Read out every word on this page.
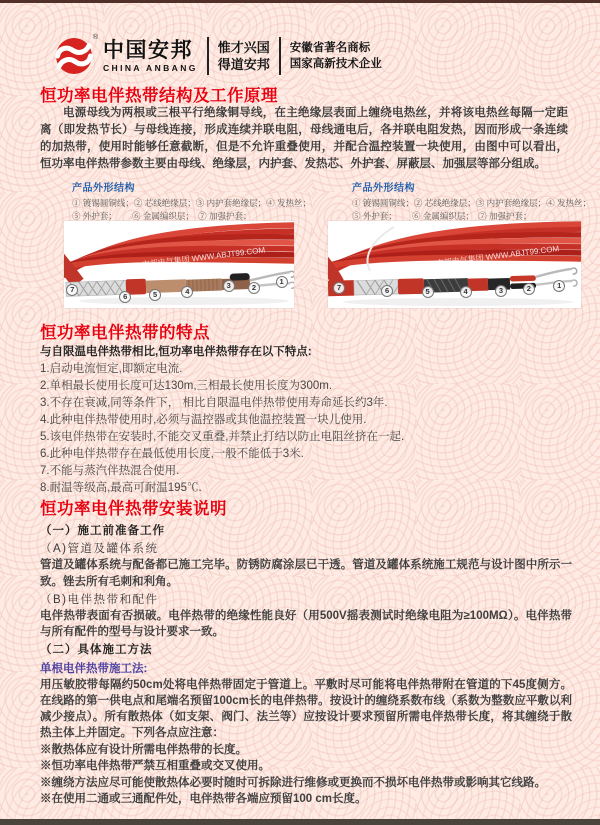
®
中国安邦
CHINA ANBANG
惟才兴国
得道安邦
安徽省著名商标
国家高新技术企业
恒功率电伴热带结构及工作原理

电源母线为两根或三根平行绝缘铜导线，在主绝缘层表面上缠绕电热丝，并将该电热丝每隔一定距离（即发热节长）与母线连接，形成连续并联电阻，母线通电后，各并联电阻发热，因而形成一条连续的加热带，使用时能够任意截断，但是不允许重叠使用，并配合温控装置一块使用，由图中可以看出，恒功率电伴热带参数主要由母线、绝缘层，内护套、发热芯、外护套、屏蔽层、加强层等部分组成。

产品外形结构
① 镀锡圆铜线；② 芯线绝缘层；③ 内护套绝缘层；④ 发热丝；
⑤ 外护套；　　 ⑥ 金属编织层；　⑦ 加强护套；
产品外形结构
① 镀锡圆铜线；② 芯线绝缘层；③ 内护套绝缘层；④ 发热丝；
⑤ 外护套；　　 ⑥ 金属编织层；　⑦ 加强护套；
安邦电气集团 WWW.ABJT99.COM
7
6	5	4
3	2
1
安邦电气集团 WWW.ABJT99.COM
7	6	5	4	3	2	1
恒功率电伴热带的特点
与自限温电伴热带相比,恒功率电伴热带存在以下特点:
1.启动电流恒定,即额定电流.
2.单相最长使用长度可达130m,三相最长使用长度为300m.
3.不存在衰减,同等条件下， 相比自限温电伴热带使用寿命延长约3年.
4.此种电伴热带使用时,必须与温控器或其他温控装置一块儿使用.
5.该电伴热带在安装时,不能交叉重叠,并禁止打结以防止电阻丝挤在一起.
6.此种电伴热带存在最低使用长度,一般不能低于3米.
7.不能与蒸汽伴热混合使用.
8.耐温等级高,最高可耐温195℃.
恒功率电伴热带安装说明
（一）施工前准备工作
（A)管道及罐体系统
管道及罐体系统与配备都已施工完毕。防锈防腐涂层已干透。管道及罐体系统施工规范与设计图中所示一致。锉去所有毛刺和利角。
（B)电伴热带和配件
电伴热带表面有否损破。电伴热带的绝缘性能良好（用500V摇表测试时绝缘电阻为≥100MΩ）。电伴热带与所有配件的型号与设计要求一致。
（二）具体施工方法
单根电伴热带施工法:
用压敏胶带每隔约50cm处将电伴热带固定于管道上。平敷时尽可能将电伴热带附在管道的下45度侧方。在线路的第一供电点和尾端名预留100cm长的电伴热带。按设计的缠绕系数布线（系数为整数应平敷以利减少接点）。所有散热体（如支架、阀门、法兰等）应按设计要求预留所需电伴热带长度，将其缠绕于散热主体上并固定。下列各点应注意：
※散热体应有设计所需电伴热带的长度。
※恒功率电伴热带严禁互相重叠或交叉使用。
※缠绕方法应尽可能使散热体必要时随时可拆除进行维修或更换而不损坏电伴热带或影响其它线路。
※在使用二通或三通配件处，电伴热带各端应预留100 cm长度。
